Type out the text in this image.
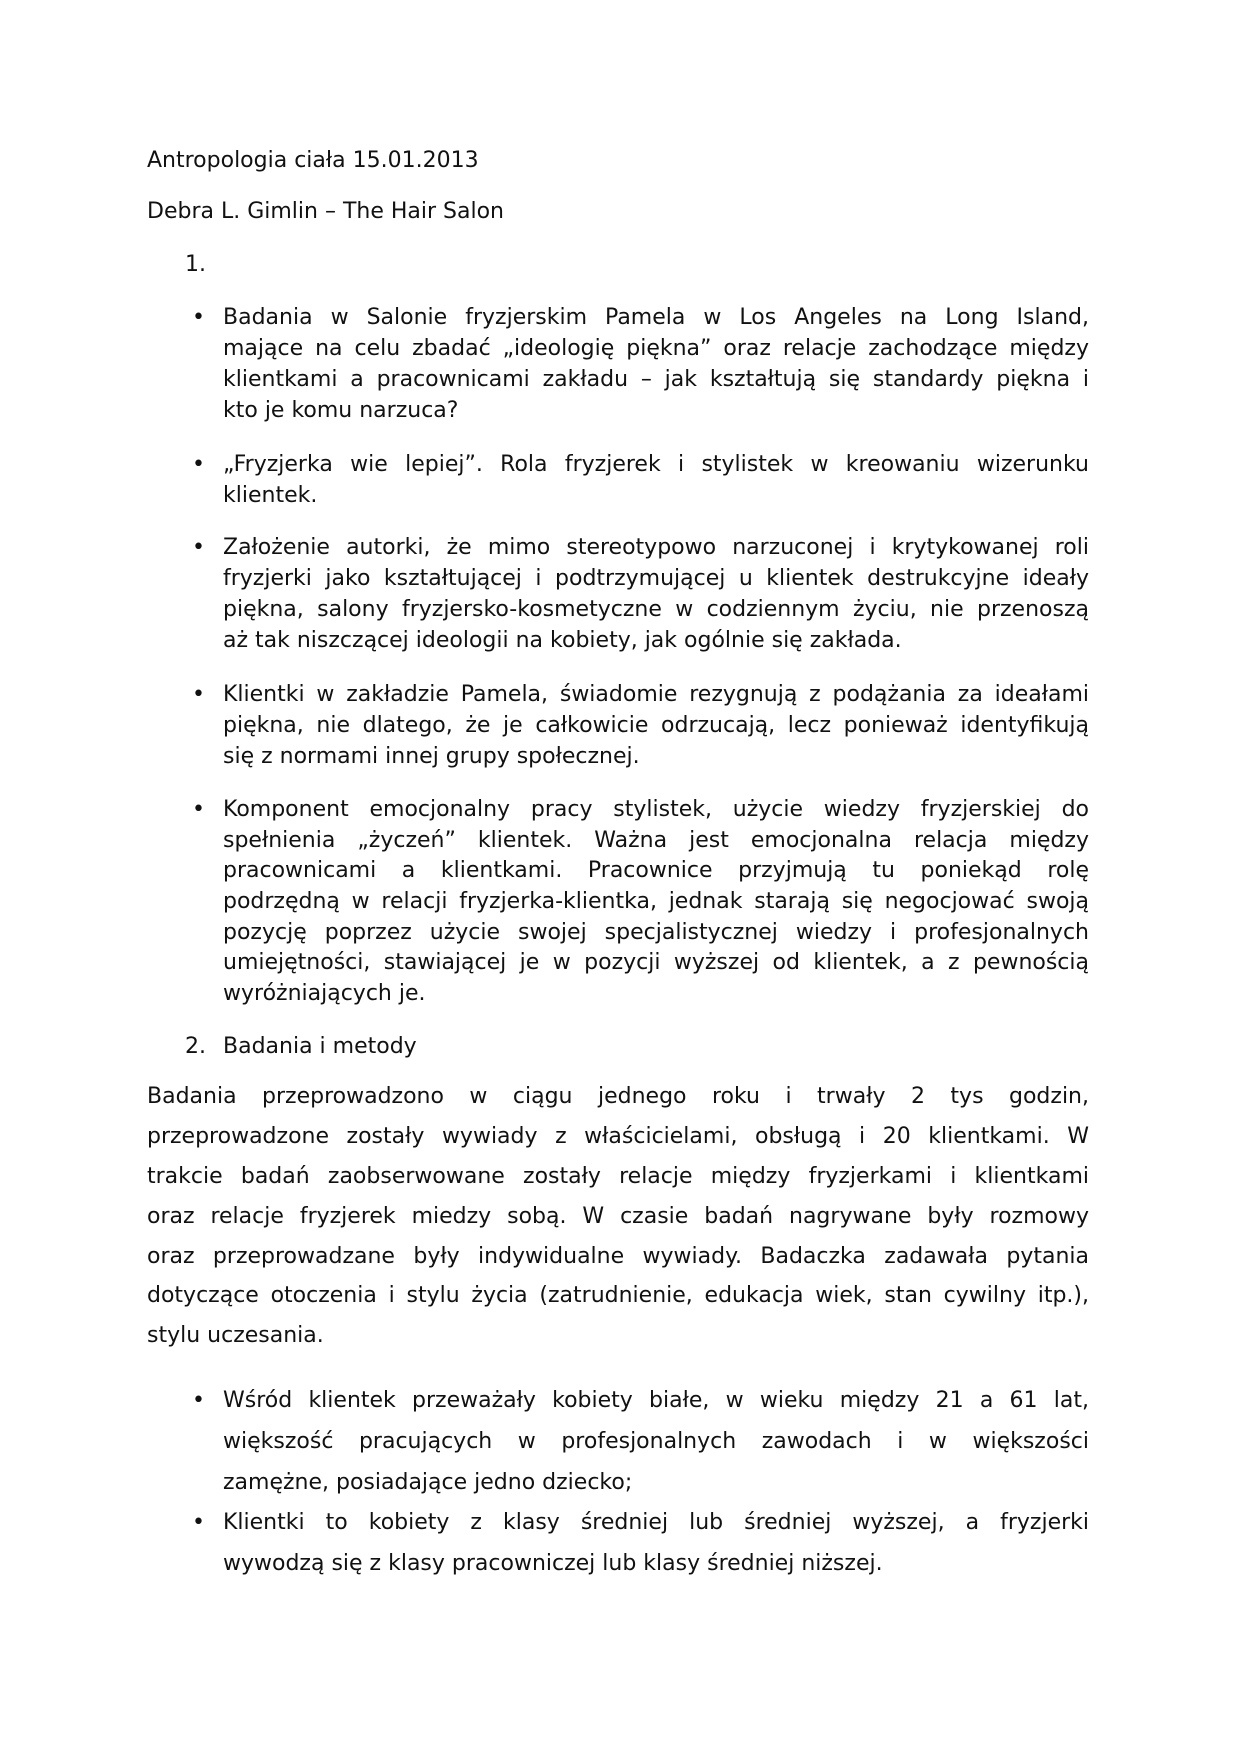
Antropologia ciała 15.01.2013
Debra L. Gimlin – The Hair Salon
1.
• Badania w Salonie fryzjerskim Pamela w Los Angeles na Long Island,
mające na celu zbadać „ideologię piękna” oraz relacje zachodzące między
klientkami a pracownicami zakładu – jak kształtują się standardy piękna i
kto je komu narzuca?
• „Fryzjerka wie lepiej”. Rola fryzjerek i stylistek w kreowaniu wizerunku
klientek.
• Założenie autorki, że mimo stereotypowo narzuconej i krytykowanej roli
fryzjerki jako kształtującej i podtrzymującej u klientek destrukcyjne ideały
piękna, salony fryzjersko-kosmetyczne w codziennym życiu, nie przenoszą
aż tak niszczącej ideologii na kobiety, jak ogólnie się zakłada.
• Klientki w zakładzie Pamela, świadomie rezygnują z podążania za ideałami
piękna, nie dlatego, że je całkowicie odrzucają, lecz ponieważ identyfikują
się z normami innej grupy społecznej.
• Komponent emocjonalny pracy stylistek, użycie wiedzy fryzjerskiej do
spełnienia „życzeń” klientek. Ważna jest emocjonalna relacja między
pracownicami a klientkami. Pracownice przyjmują tu poniekąd rolę
podrzędną w relacji fryzjerka-klientka, jednak starają się negocjować swoją
pozycję poprzez użycie swojej specjalistycznej wiedzy i profesjonalnych
umiejętności, stawiającej je w pozycji wyższej od klientek, a z pewnością
wyróżniających je.
2. Badania i metody
Badania przeprowadzono w ciągu jednego roku i trwały 2 tys godzin,
przeprowadzone zostały wywiady z właścicielami, obsługą i 20 klientkami. W
trakcie badań zaobserwowane zostały relacje między fryzjerkami i klientkami
oraz relacje fryzjerek miedzy sobą. W czasie badań nagrywane były rozmowy
oraz przeprowadzane były indywidualne wywiady. Badaczka zadawała pytania
dotyczące otoczenia i stylu życia (zatrudnienie, edukacja wiek, stan cywilny itp.),
stylu uczesania.
• Wśród klientek przeważały kobiety białe, w wieku między 21 a 61 lat,
większość pracujących w profesjonalnych zawodach i w większości
zamężne, posiadające jedno dziecko;
• Klientki to kobiety z klasy średniej lub średniej wyższej, a fryzjerki
wywodzą się z klasy pracowniczej lub klasy średniej niższej.
